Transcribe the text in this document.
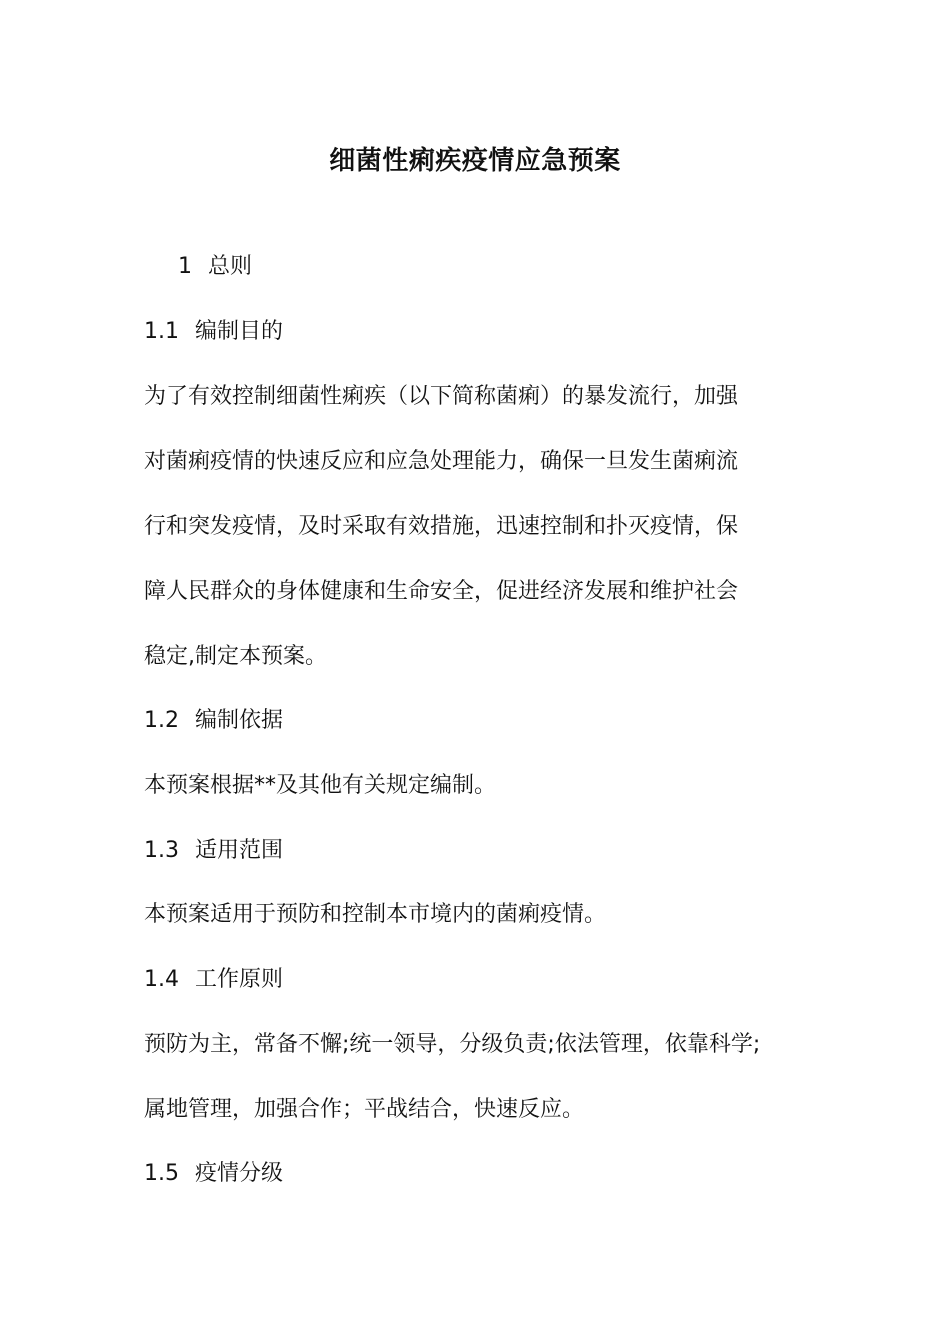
细菌性痢疾疫情应急预案
1 总则
1.1 编制目的
为了有效控制细菌性痢疾（以下简称菌痢）的暴发流行，加强
对菌痢疫情的快速反应和应急处理能力，确保一旦发生菌痢流
行和突发疫情，及时采取有效措施，迅速控制和扑灭疫情，保
障人民群众的身体健康和生命安全，促进经济发展和维护社会
稳定,制定本预案。
1.2 编制依据
本预案根据**及其他有关规定编制。
1.3 适用范围
本预案适用于预防和控制本市境内的菌痢疫情。
1.4 工作原则
预防为主，常备不懈;统一领导，分级负责;依法管理，依靠科学;
属地管理，加强合作；平战结合，快速反应。
1.5 疫情分级
